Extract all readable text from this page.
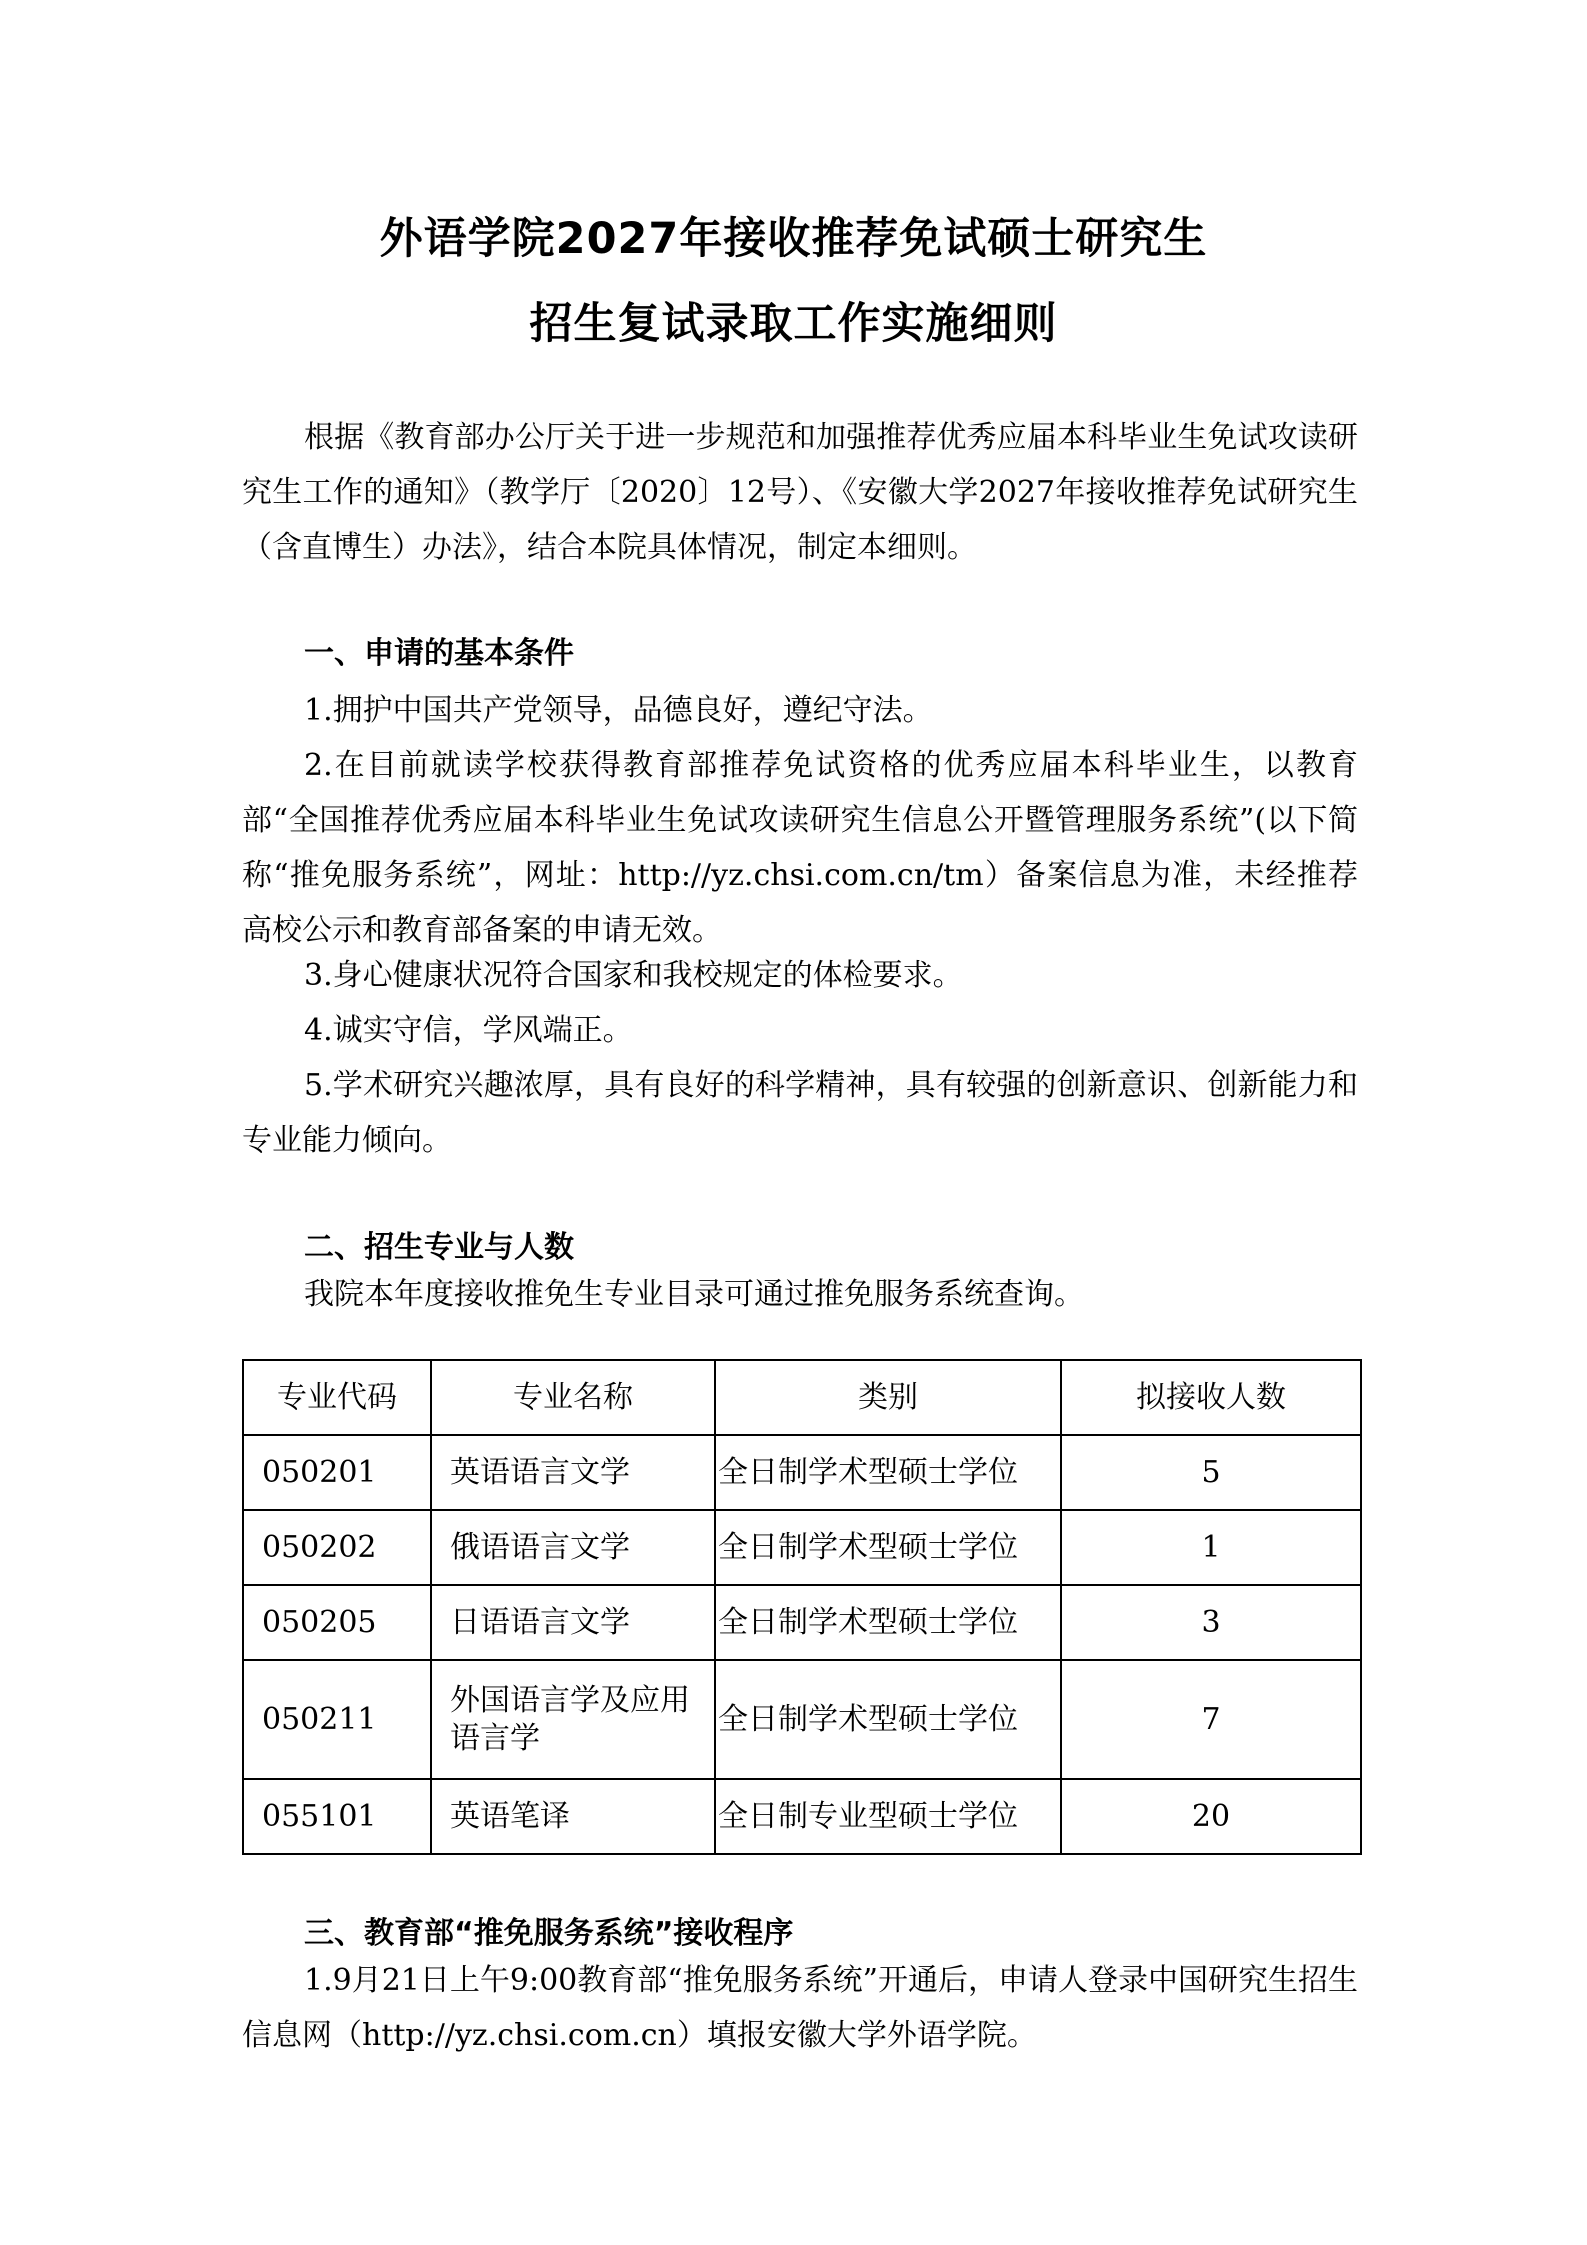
外语学院2027年接收推荐免试硕士研究生
招生复试录取工作实施细则

根据《教育部办公厅关于进一步规范和加强推荐优秀应届本科毕业生免试攻读研究生工作的通知》（教学厅〔2020〕12号）、《安徽大学2027年接收推荐免试研究生（含直博生）办法》，结合本院具体情况，制定本细则。

一、申请的基本条件

1.拥护中国共产党领导，品德良好，遵纪守法。

2.在目前就读学校获得教育部推荐免试资格的优秀应届本科毕业生，以教育部“全国推荐优秀应届本科毕业生免试攻读研究生信息公开暨管理服务系统”(以下简称“推免服务系统”，网址：http://yz.chsi.com.cn/tm）备案信息为准，未经推荐高校公示和教育部备案的申请无效。

3.身心健康状况符合国家和我校规定的体检要求。

4.诚实守信，学风端正。

5.学术研究兴趣浓厚，具有良好的科学精神，具有较强的创新意识、创新能力和专业能力倾向。

二、招生专业与人数

我院本年度接收推免生专业目录可通过推免服务系统查询。

专业代码	专业名称	类别	拟接收人数
050201	英语语言文学	全日制学术型硕士学位	5
050202	俄语语言文学	全日制学术型硕士学位	1
050205	日语语言文学	全日制学术型硕士学位	3
050211	外国语言学及应用语言学	全日制学术型硕士学位	7
055101	英语笔译	全日制专业型硕士学位	20

三、教育部“推免服务系统”接收程序

1.9月21日上午9:00教育部“推免服务系统”开通后，申请人登录中国研究生招生信息网（http://yz.chsi.com.cn）填报安徽大学外语学院。
